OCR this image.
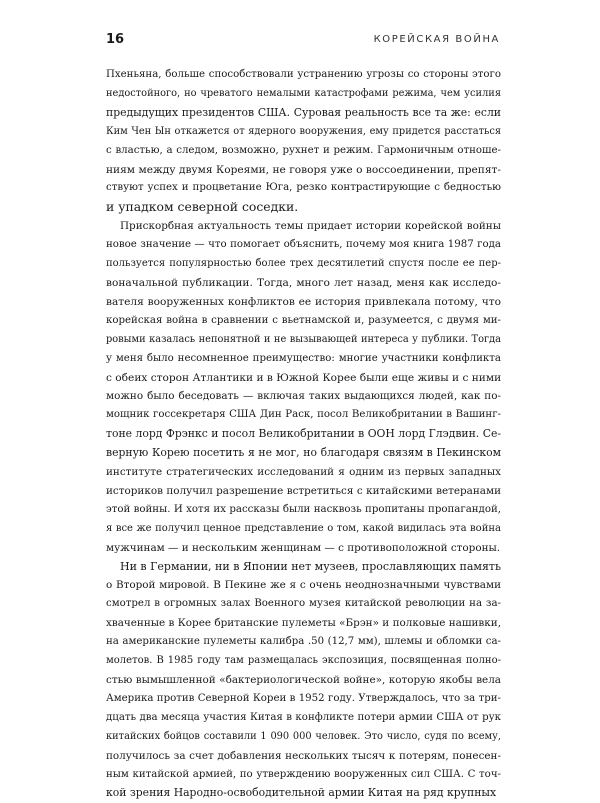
16	КОРЕЙСКАЯ ВОЙНА
Пхеньяна, больше способствовали устранению угрозы со стороны этого
недостойного, но чреватого немалыми катастрофами режима, чем усилия
предыдущих президентов США. Суровая реальность все та же: если
Ким Чен Ын откажется от ядерного вооружения, ему придется расстаться
с властью, а следом, возможно, рухнет и режим. Гармоничным отноше-
ниям между двумя Кореями, не говоря уже о воссоединении, препят-
ствуют успех и процветание Юга, резко контрастирующие с бедностью
и упадком северной соседки.
Прискорбная актуальность темы придает истории корейской войны
новое значение — что помогает объяснить, почему моя книга 1987 года
пользуется популярностью более трех десятилетий спустя после ее пер-
воначальной публикации. Тогда, много лет назад, меня как исследо-
вателя вооруженных конфликтов ее история привлекала потому, что
корейская война в сравнении с вьетнамской и, разумеется, с двумя ми-
ровыми казалась непонятной и не вызывающей интереса у публики. Тогда
у меня было несомненное преимущество: многие участники конфликта
с обеих сторон Атлантики и в Южной Корее были еще живы и с ними
можно было беседовать — включая таких выдающихся людей, как по-
мощник госсекретаря США Дин Раск, посол Великобритании в Вашинг-
тоне лорд Фрэнкс и посол Великобритании в ООН лорд Глэдвин. Се-
верную Корею посетить я не мог, но благодаря связям в Пекинском
институте стратегических исследований я одним из первых западных
историков получил разрешение встретиться с китайскими ветеранами
этой войны. И хотя их рассказы были насквозь пропитаны пропагандой,
я все же получил ценное представление о том, какой видилась эта война
мужчинам — и нескольким женщинам — с противоположной стороны.
Ни в Германии, ни в Японии нет музеев, прославляющих память
о Второй мировой. В Пекине же я с очень неоднозначными чувствами
смотрел в огромных залах Военного музея китайской революции на за-
хваченные в Корее британские пулеметы «Брэн» и полковые нашивки,
на американские пулеметы калибра .50 (12,7 мм), шлемы и обломки са-
молетов. В 1985 году там размещалась экспозиция, посвященная полно-
стью вымышленной «бактериологической войне», которую якобы вела
Америка против Северной Кореи в 1952 году. Утверждалось, что за три-
дцать два месяца участия Китая в конфликте потери армии США от рук
китайских бойцов составили 1 090 000 человек. Это число, судя по всему,
получилось за счет добавления нескольких тысяч к потерям, понесен-
ным китайской армией, по утверждению вооруженных сил США. С точ-
кой зрения Народно-освободительной армии Китая на ряд крупных
